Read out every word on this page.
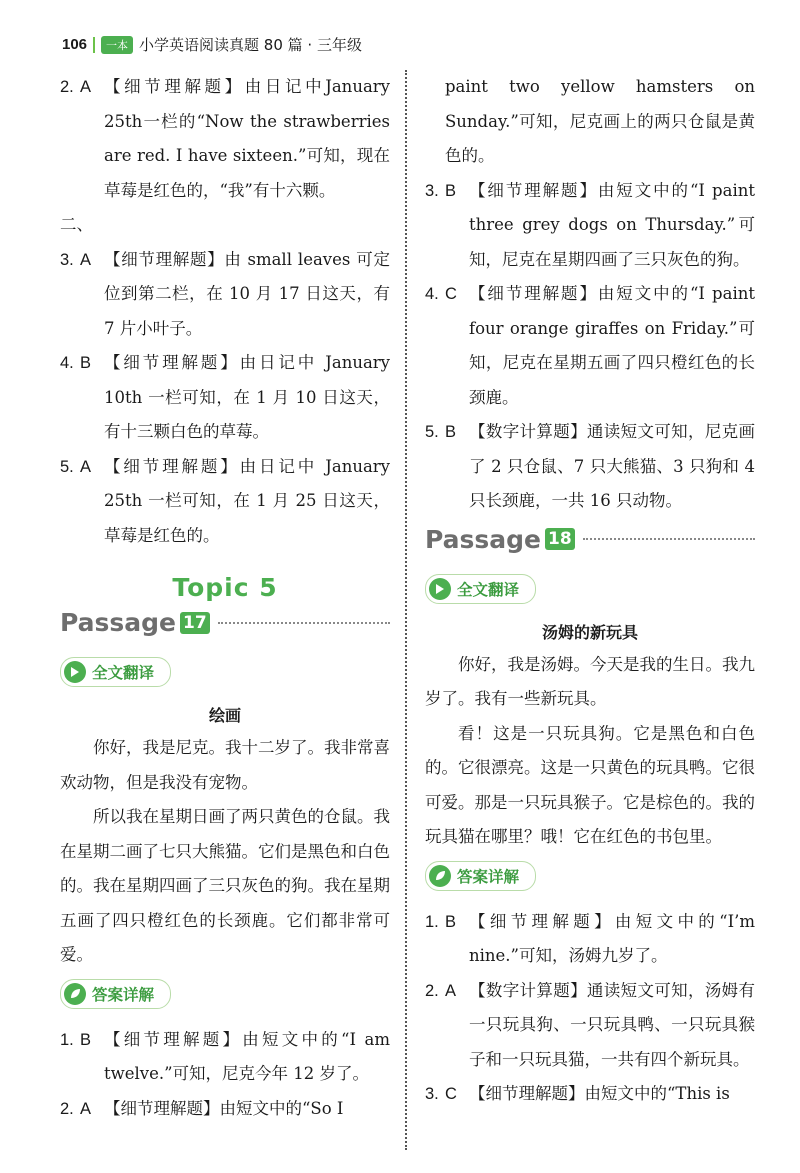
106	一本 小学英语阅读真题 80 篇 · 三年级
2. A 【细节理解题】由日记中January 25th一栏的“Now the strawberries are red. I have sixteen.”可知，现在草莓是红色的，“我”有十六颗。
二、
3. A 【细节理解题】由 small leaves 可定位到第二栏，在 10 月 17 日这天，有 7 片小叶子。
4. B 【细节理解题】由日记中 January 10th 一栏可知，在 1 月 10 日这天，有十三颗白色的草莓。
5. A 【细节理解题】由日记中 January 25th 一栏可知，在 1 月 25 日这天，草莓是红色的。
Topic 5
Passage 17
全文翻译
绘画
你好，我是尼克。我十二岁了。我非常喜欢动物，但是我没有宠物。
所以我在星期日画了两只黄色的仓鼠。我在星期二画了七只大熊猫。它们是黑色和白色的。我在星期四画了三只灰色的狗。我在星期五画了四只橙红色的长颈鹿。它们都非常可爱。
答案详解
1. B 【细节理解题】由短文中的“I am twelve.”可知，尼克今年 12 岁了。
2. A 【细节理解题】由短文中的“So I
paint two yellow hamsters on Sunday.”可知，尼克画上的两只仓鼠是黄色的。
3. B 【细节理解题】由短文中的“I paint three grey dogs on Thursday.”可知，尼克在星期四画了三只灰色的狗。
4. C 【细节理解题】由短文中的“I paint four orange giraffes on Friday.”可知，尼克在星期五画了四只橙红色的长颈鹿。
5. B 【数字计算题】通读短文可知，尼克画了 2 只仓鼠、7 只大熊猫、3 只狗和 4 只长颈鹿，一共 16 只动物。
Passage 18
全文翻译
汤姆的新玩具
你好，我是汤姆。今天是我的生日。我九岁了。我有一些新玩具。
看！这是一只玩具狗。它是黑色和白色的。它很漂亮。这是一只黄色的玩具鸭。它很可爱。那是一只玩具猴子。它是棕色的。我的玩具猫在哪里？哦！它在红色的书包里。
答案详解
1. B 【细节理解题】由短文中的“I’m nine.”可知，汤姆九岁了。
2. A 【数字计算题】通读短文可知，汤姆有一只玩具狗、一只玩具鸭、一只玩具猴子和一只玩具猫，一共有四个新玩具。
3. C 【细节理解题】由短文中的“This is
